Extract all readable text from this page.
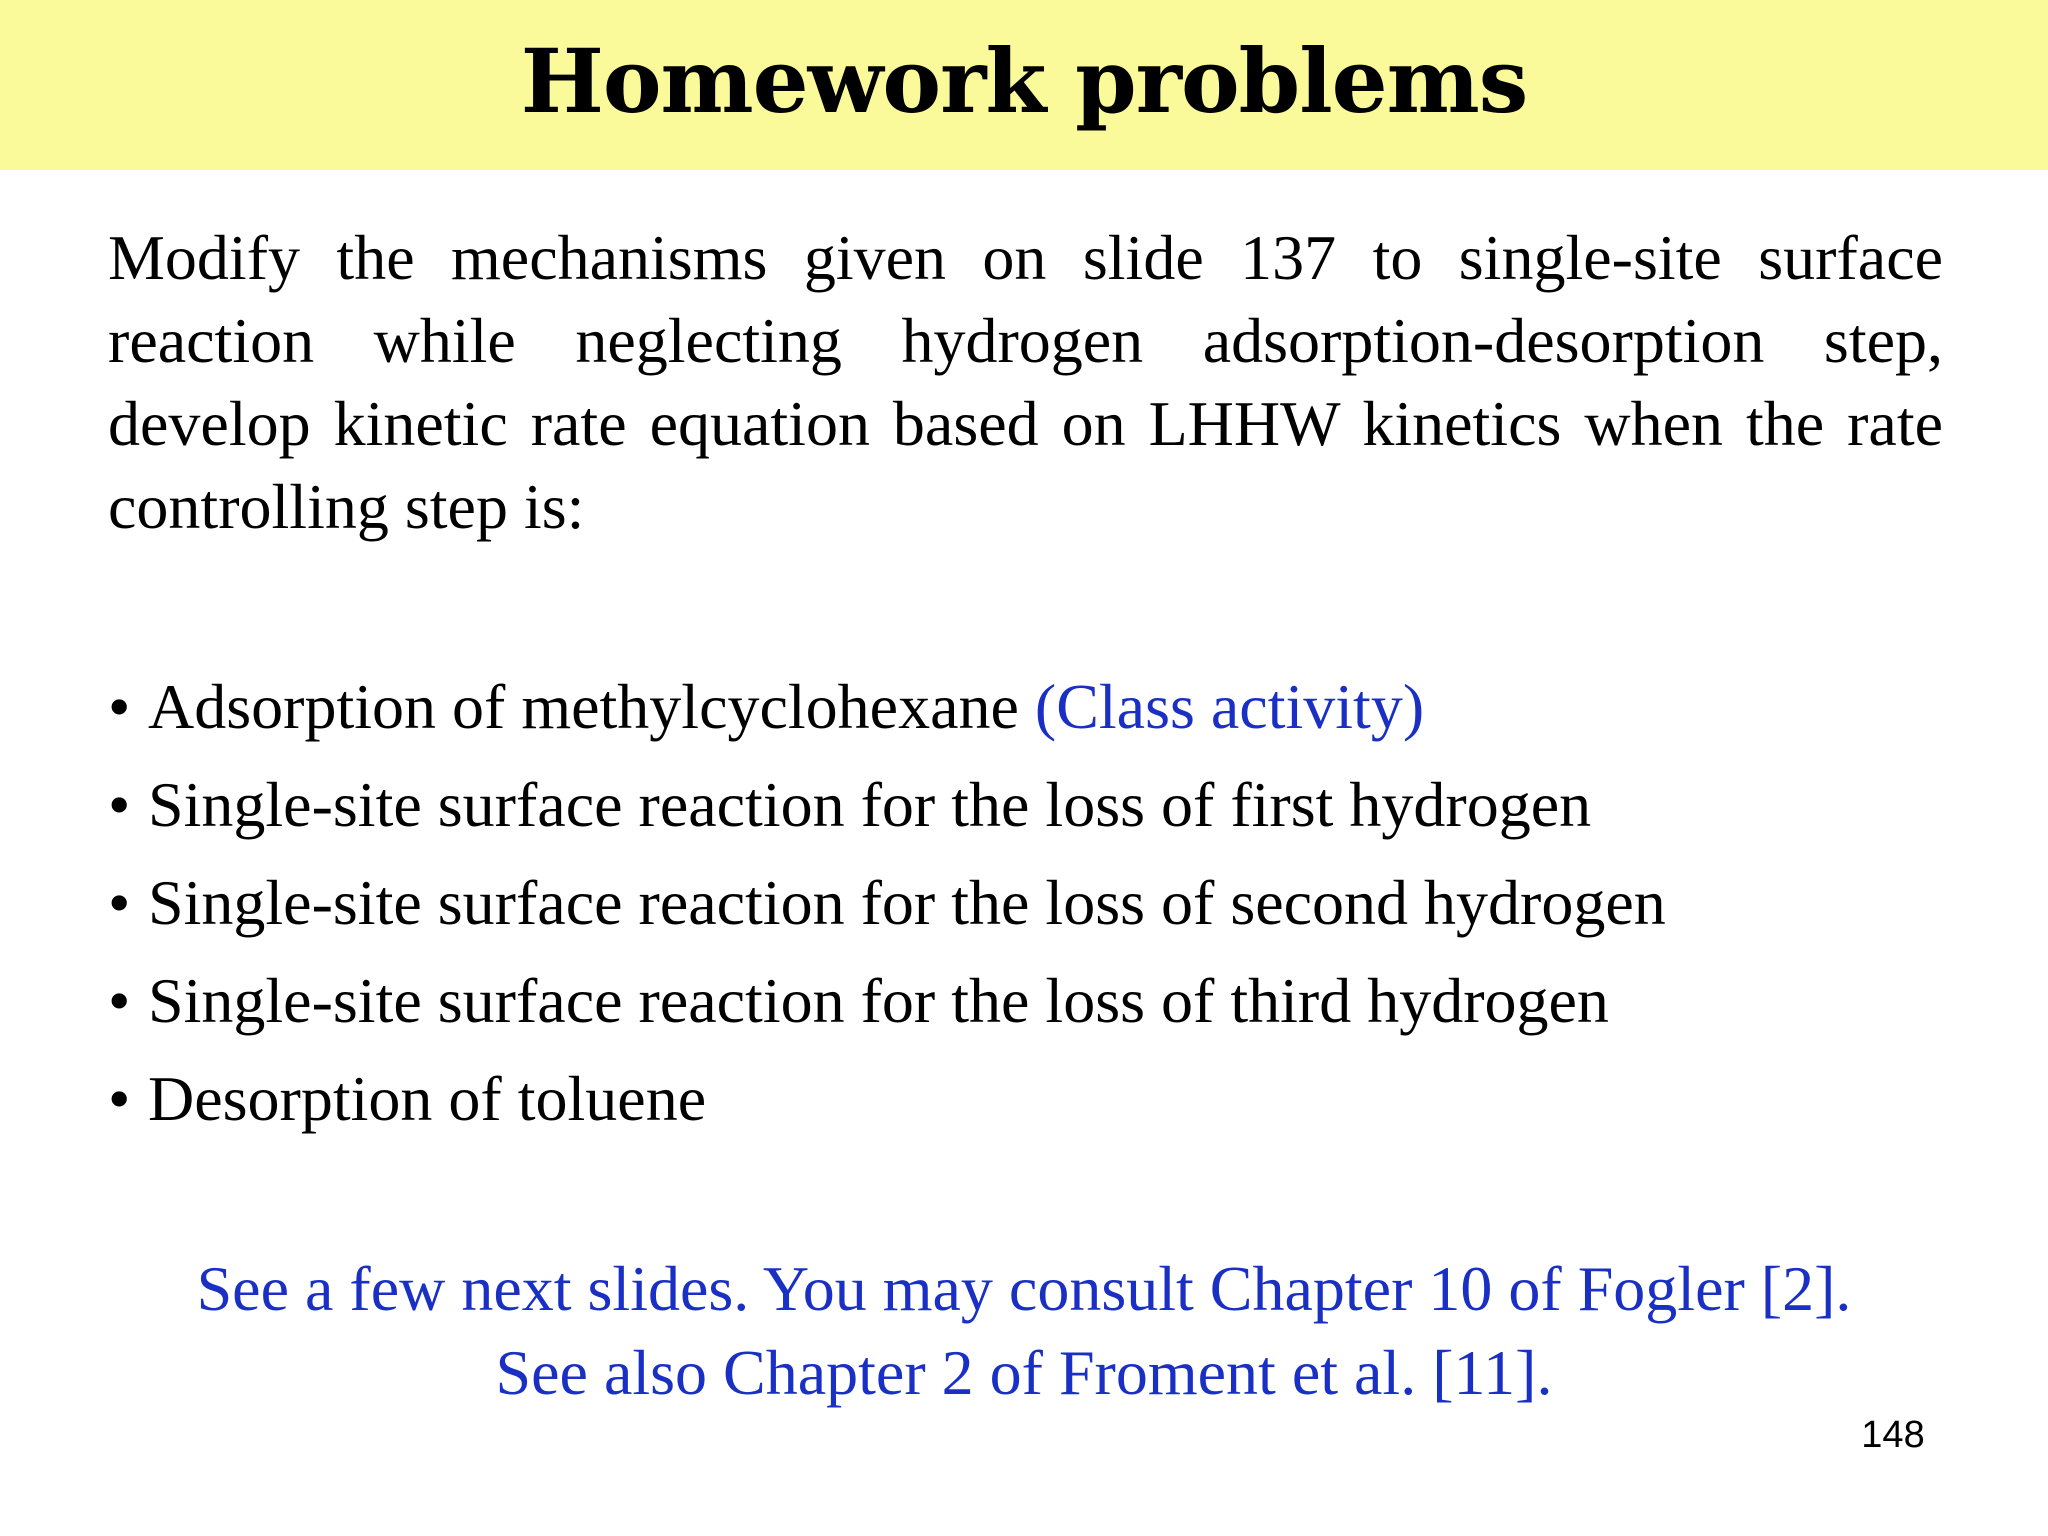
Homework problems
Modify the mechanisms given on slide 137 to single-site surface reaction while neglecting hydrogen adsorption-desorption step, develop kinetic rate equation based on LHHW kinetics when the rate controlling step is:
• Adsorption of methylcyclohexane (Class activity)
• Single-site surface reaction for the loss of first hydrogen
• Single-site surface reaction for the loss of second hydrogen
• Single-site surface reaction for the loss of third hydrogen
• Desorption of toluene
See a few next slides. You may consult Chapter 10 of Fogler [2].
See also Chapter 2 of Froment et al. [11].
148
